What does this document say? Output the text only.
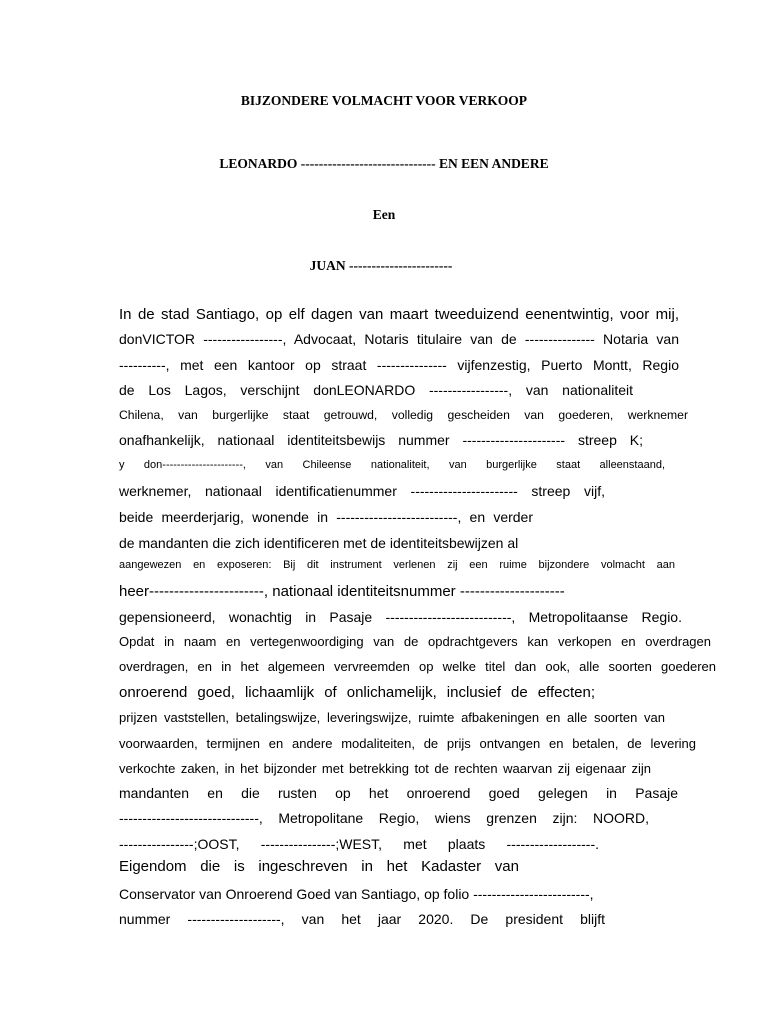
BIJZONDERE VOLMACHT VOOR VERKOOP
LEONARDO ------------------------------ EN EEN ANDERE
Een
JUAN -----------------------
In de stad Santiago, op elf dagen van maart tweeduizend eenentwintig, voor mij,
donVICTOR -----------------, Advocaat, Notaris titulaire van de --------------- Notaria van
----------, met een kantoor op straat --------------- vijfenzestig, Puerto Montt, Regio
de Los Lagos, verschijnt donLEONARDO -----------------, van nationaliteit
Chilena, van burgerlijke staat getrouwd, volledig gescheiden van goederen, werknemer
onafhankelijk, nationaal identiteitsbewijs nummer ---------------------- streep K;
y don----------------------, van Chileense nationaliteit, van burgerlijke staat alleenstaand,
werknemer, nationaal identificatienummer ----------------------- streep vijf,
beide meerderjarig, wonende in --------------------------, en verder
de mandanten die zich identificeren met de identiteitsbewijzen al
aangewezen en exposeren: Bij dit instrument verlenen zij een ruime bijzondere volmacht aan
heer-----------------------, nationaal identiteitsnummer ---------------------
gepensioneerd, wonachtig in Pasaje ---------------------------, Metropolitaanse Regio.
Opdat in naam en vertegenwoordiging van de opdrachtgevers kan verkopen en overdragen
overdragen, en in het algemeen vervreemden op welke titel dan ook, alle soorten goederen
onroerend goed, lichaamlijk of onlichamelijk, inclusief de effecten;
prijzen vaststellen, betalingswijze, leveringswijze, ruimte afbakeningen en alle soorten van
voorwaarden, termijnen en andere modaliteiten, de prijs ontvangen en betalen, de levering
verkochte zaken, in het bijzonder met betrekking tot de rechten waarvan zij eigenaar zijn
mandanten en die rusten op het onroerend goed gelegen in Pasaje
------------------------------, Metropolitane Regio, wiens grenzen zijn: NOORD,
----------------;OOST, ----------------;WEST, met plaats -------------------.
Eigendom die is ingeschreven in het Kadaster van
Conservator van Onroerend Goed van Santiago, op folio -------------------------,
nummer --------------------, van het jaar 2020. De president blijft
